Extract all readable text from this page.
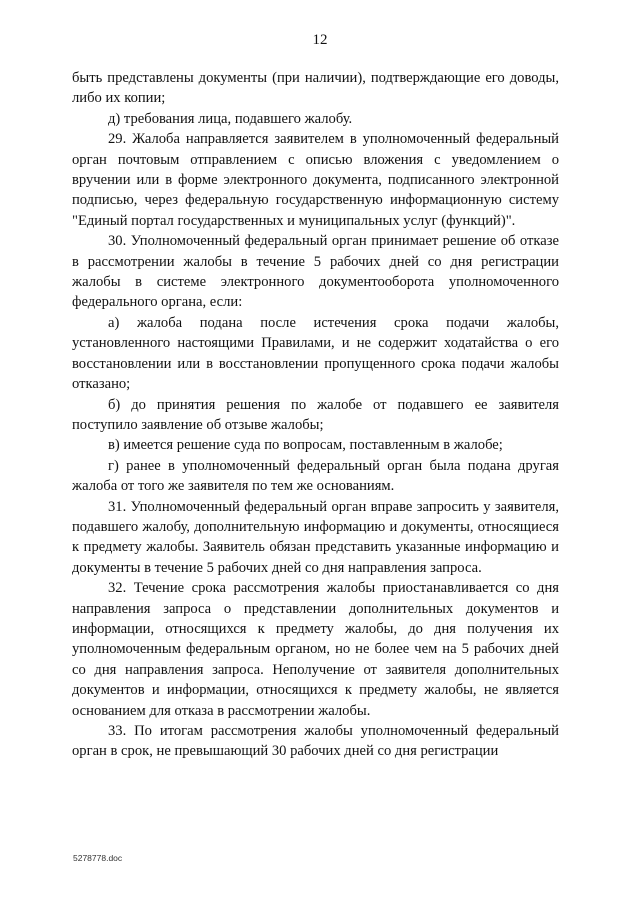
12

быть представлены документы (при наличии), подтверждающие его доводы, либо их копии;

д) требования лица, подавшего жалобу.

29. Жалоба направляется заявителем в уполномоченный федеральный орган почтовым отправлением с описью вложения с уведомлением о вручении или в форме электронного документа, подписанного электронной подписью, через федеральную государственную информационную систему "Единый портал государственных и муниципальных услуг (функций)".

30. Уполномоченный федеральный орган принимает решение об отказе в рассмотрении жалобы в течение 5 рабочих дней со дня регистрации жалобы в системе электронного документооборота уполномоченного федерального органа, если:

а) жалоба подана после истечения срока подачи жалобы, установленного настоящими Правилами, и не содержит ходатайства о его восстановлении или в восстановлении пропущенного срока подачи жалобы отказано;

б) до принятия решения по жалобе от подавшего ее заявителя поступило заявление об отзыве жалобы;

в) имеется решение суда по вопросам, поставленным в жалобе;

г) ранее в уполномоченный федеральный орган была подана другая жалоба от того же заявителя по тем же основаниям.

31. Уполномоченный федеральный орган вправе запросить у заявителя, подавшего жалобу, дополнительную информацию и документы, относящиеся к предмету жалобы. Заявитель обязан представить указанные информацию и документы в течение 5 рабочих дней со дня направления запроса.

32. Течение срока рассмотрения жалобы приостанавливается со дня направления запроса о представлении дополнительных документов и информации, относящихся к предмету жалобы, до дня получения их уполномоченным федеральным органом, но не более чем на 5 рабочих дней со дня направления запроса. Неполучение от заявителя дополнительных документов и информации, относящихся к предмету жалобы, не является основанием для отказа в рассмотрении жалобы.

33. По итогам рассмотрения жалобы уполномоченный федеральный орган в срок, не превышающий 30 рабочих дней со дня регистрации

5278778.doc
